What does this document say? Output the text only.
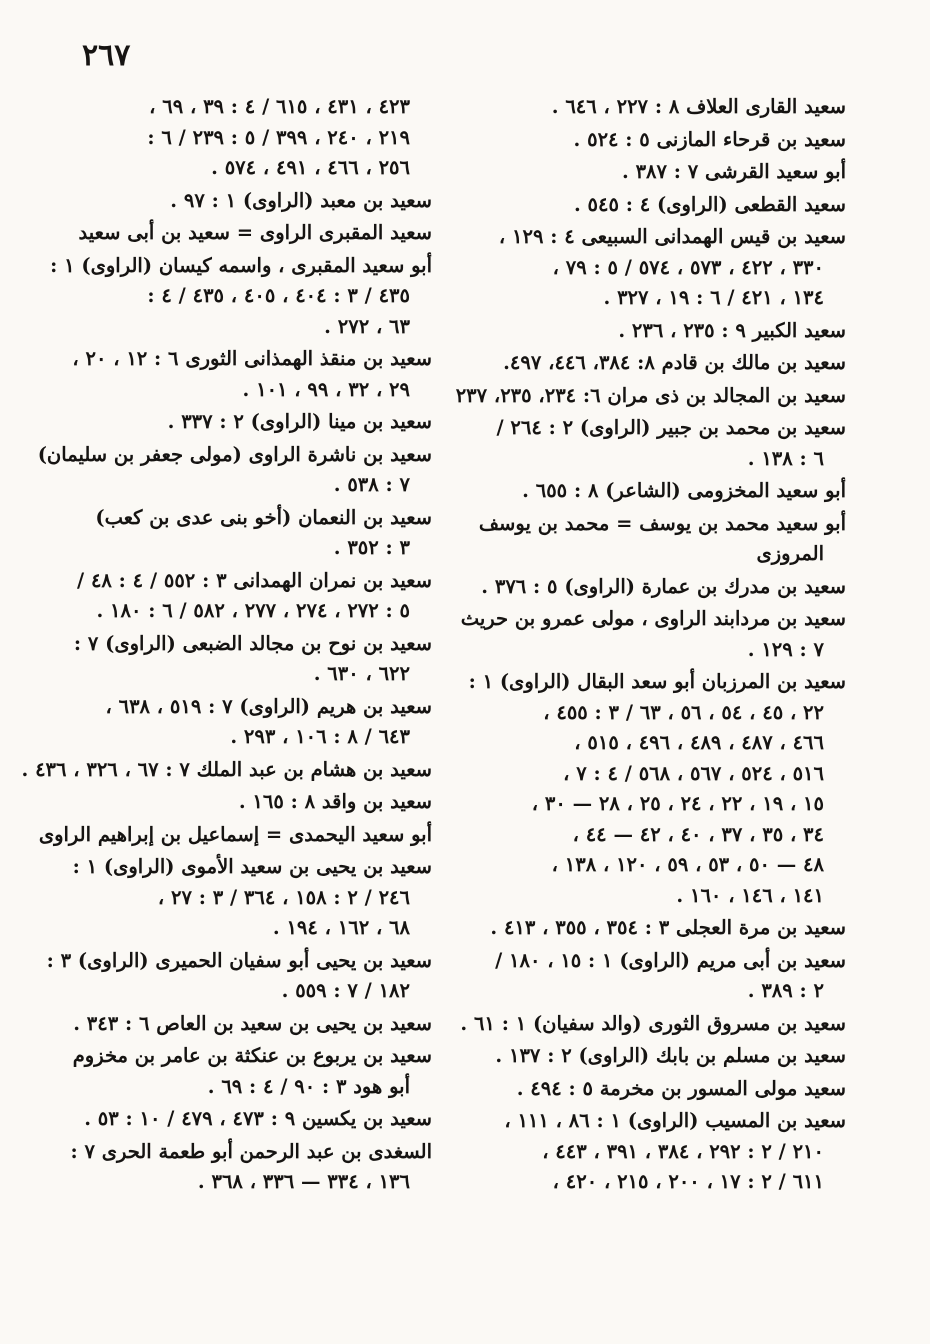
٢٦٧
سعيد القارى العلاف ٨ : ٢٢٧ ، ٦٤٦ .
سعيد بن قرحاء المازنى ٥ : ٥٢٤ .
أبو سعيد القرشى ٧ : ٣٨٧ .
سعيد القطعى (الراوى) ٤ : ٥٤٥ .
سعيد بن قيس الهمدانى السبيعى ٤ : ١٢٩ ،
٣٣٠ ، ٤٢٢ ، ٥٧٣ ، ٥٧٤ / ٥ : ٧٩ ،
١٣٤ ، ٤٢١ / ٦ : ١٩ ، ٣٢٧ .
سعيد الكبير ٩ : ٢٣٥ ، ٢٣٦ .
سعيد بن مالك بن قادم ٨: ٣٨٤، ٤٤٦، ٤٩٧.
سعيد بن المجالد بن ذى مران ٦: ٢٣٤، ٢٣٥، ٢٣٧
سعيد بن محمد بن جبير (الراوى) ٢ : ٢٦٤ /
٦ : ١٣٨ .
أبو سعيد المخزومى (الشاعر) ٨ : ٦٥٥ .
أبو سعيد محمد بن يوسف = محمد بن يوسف
المروزى
سعيد بن مدرك بن عمارة (الراوى) ٥ : ٣٧٦ .
سعيد بن مردابند الراوى ، مولى عمرو بن حريث
٧ : ١٢٩ .
سعيد بن المرزبان أبو سعد البقال (الراوى) ١ :
٢٢ ، ٤٥ ، ٥٤ ، ٥٦ ، ٦٣ / ٣ : ٤٥٥ ،
٤٦٦ ، ٤٨٧ ، ٤٨٩ ، ٤٩٦ ، ٥١٥ ،
٥١٦ ، ٥٢٤ ، ٥٦٧ ، ٥٦٨ / ٤ : ٧ ،
١٥ ، ١٩ ، ٢٢ ، ٢٤ ، ٢٥ ، ٢٨ — ٣٠ ،
٣٤ ، ٣٥ ، ٣٧ ، ٤٠ ، ٤٢ — ٤٤ ،
٤٨ — ٥٠ ، ٥٣ ، ٥٩ ، ١٢٠ ، ١٣٨ ،
١٤١ ، ١٤٦ ، ١٦٠ .
سعيد بن مرة العجلى ٣ : ٣٥٤ ، ٣٥٥ ، ٤١٣ .
سعيد بن أبى مريم (الراوى) ١ : ١٥ ، ١٨٠ /
٢ : ٣٨٩ .
سعيد بن مسروق الثورى (والد سفيان) ١ : ٦١ .
سعيد بن مسلم بن بابك (الراوى) ٢ : ١٣٧ .
سعيد مولى المسور بن مخرمة ٥ : ٤٩٤ .
سعيد بن المسيب (الراوى) ١ : ٨٦ ، ١١١ ،
٢١٠ / ٢ : ٢٩٢ ، ٣٨٤ ، ٣٩١ ، ٤٤٣ ،
٦١١ / ٢ : ١٧ ، ٢٠٠ ، ٢١٥ ، ٤٢٠ ،
٤٢٣ ، ٤٣١ ، ٦١٥ / ٤ : ٣٩ ، ٦٩ ،
٢١٩ ، ٢٤٠ ، ٣٩٩ / ٥ : ٢٣٩ / ٦ :
٢٥٦ ، ٤٦٦ ، ٤٩١ ، ٥٧٤ .
سعيد بن معبد (الراوى) ١ : ٩٧ .
سعيد المقبرى الراوى = سعيد بن أبى سعيد
أبو سعيد المقبرى ، واسمه كيسان (الراوى) ١ :
٤٣٥ / ٣ : ٤٠٤ ، ٤٠٥ ، ٤٣٥ / ٤ :
٦٣ ، ٢٧٢ .
سعيد بن منقذ الهمذانى الثورى ٦ : ١٢ ، ٢٠ ،
٢٩ ، ٣٢ ، ٩٩ ، ١٠١ .
سعيد بن مينا (الراوى) ٢ : ٣٣٧ .
سعيد بن ناشرة الراوى (مولى جعفر بن سليمان)
٧ : ٥٣٨ .
سعيد بن النعمان (أخو بنى عدى بن كعب)
٣ : ٣٥٢ .
سعيد بن نمران الهمدانى ٣ : ٥٥٢ / ٤ : ٤٨ /
٥ : ٢٧٢ ، ٢٧٤ ، ٢٧٧ ، ٥٨٢ / ٦ : ١٨٠ .
سعيد بن نوح بن مجالد الضبعى (الراوى) ٧ :
٦٢٢ ، ٦٣٠ .
سعيد بن هريم (الراوى) ٧ : ٥١٩ ، ٦٣٨ ،
٦٤٣ / ٨ : ١٠٦ ، ٢٩٣ .
سعيد بن هشام بن عبد الملك ٧ : ٦٧ ، ٣٢٦ ، ٤٣٦ .
سعيد بن واقد ٨ : ١٦٥ .
أبو سعيد اليحمدى = إسماعيل بن إبراهيم الراوى
سعيد بن يحيى بن سعيد الأموى (الراوى) ١ :
٢٤٦ / ٢ : ١٥٨ ، ٣٦٤ / ٣ : ٢٧ ،
٦٨ ، ١٦٢ ، ١٩٤ .
سعيد بن يحيى أبو سفيان الحميرى (الراوى) ٣ :
١٨٢ / ٧ : ٥٥٩ .
سعيد بن يحيى بن سعيد بن العاص ٦ : ٣٤٣ .
سعيد بن يربوع بن عنكثة بن عامر بن مخزوم
أبو هود ٣ : ٩٠ / ٤ : ٦٩ .
سعيد بن يكسين ٩ : ٤٧٣ ، ٤٧٩ / ١٠ : ٥٣ .
السغدى بن عبد الرحمن أبو طعمة الحرى ٧ :
١٣٦ ، ٣٣٤ — ٣٣٦ ، ٣٦٨ .
